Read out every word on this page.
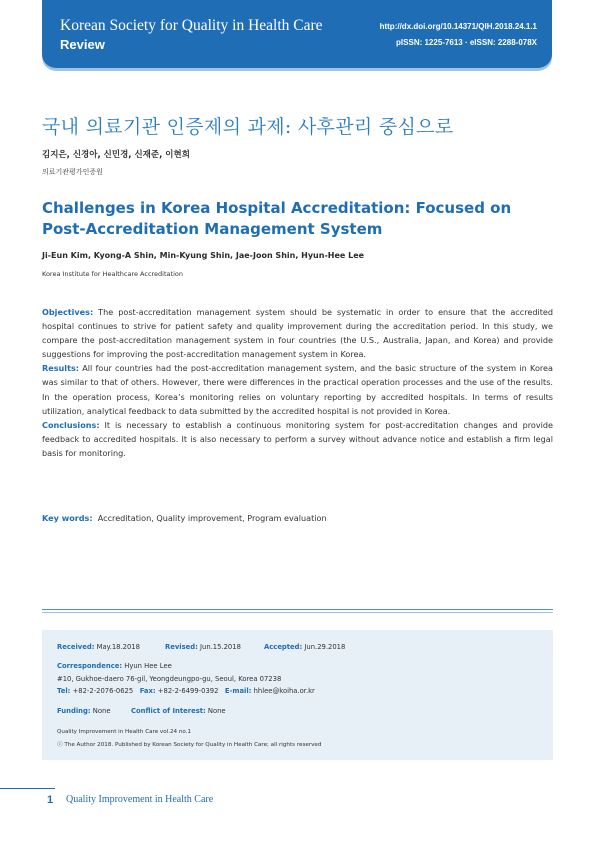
Korean Society for Quality in Health Care
Review
http://dx.doi.org/10.14371/QIH.2018.24.1.1
pISSN: 1225-7613 · eISSN: 2288-078X
국내 의료기관 인증제의 과제: 사후관리 중심으로
김지은, 신경아, 신민경, 신재준, 이현희
의료기관평가인증원
Challenges in Korea Hospital Accreditation: Focused on Post-Accreditation Management System
Ji-Eun Kim, Kyong-A Shin, Min-Kyung Shin, Jae-Joon Shin, Hyun-Hee Lee
Korea Institute for Healthcare Accreditation

Objectives: The post-accreditation management system should be systematic in order to ensure that the accredited hospital continues to strive for patient safety and quality improvement during the accreditation period. In this study, we compare the post-accreditation management system in four countries (the U.S., Australia, Japan, and Korea) and provide suggestions for improving the post-accreditation management system in Korea.

Results: All four countries had the post-accreditation management system, and the basic structure of the system in Korea was similar to that of others. However, there were differences in the practical operation processes and the use of the results. In the operation process, Korea’s monitoring relies on voluntary reporting by accredited hospitals. In terms of results utilization, analytical feedback to data submitted by the accredited hospital is not provided in Korea.

Conclusions: It is necessary to establish a continuous monitoring system for post-accreditation changes and provide feedback to accredited hospitals. It is also necessary to perform a survey without advance notice and establish a firm legal basis for monitoring.

Key words: Accreditation, Quality improvement, Program evaluation
Received: May.18.2018	Revised: Jun.15.2018	Accepted: Jun.29.2018
Correspondence: Hyun Hee Lee
#10, Gukhoe-daero 76-gil, Yeongdeungpo-gu, Seoul, Korea 07238
Tel: +82-2-2076-0625 Fax: +82-2-6499-0392 E-mail: hhlee@koiha.or.kr
Funding: None	Conflict of Interest: None
Quality Improvement in Health Care vol.24 no.1
ⓒ The Author 2018. Published by Korean Society for Quality in Health Care; all rights reserved
1 Quality Improvement in Health Care
